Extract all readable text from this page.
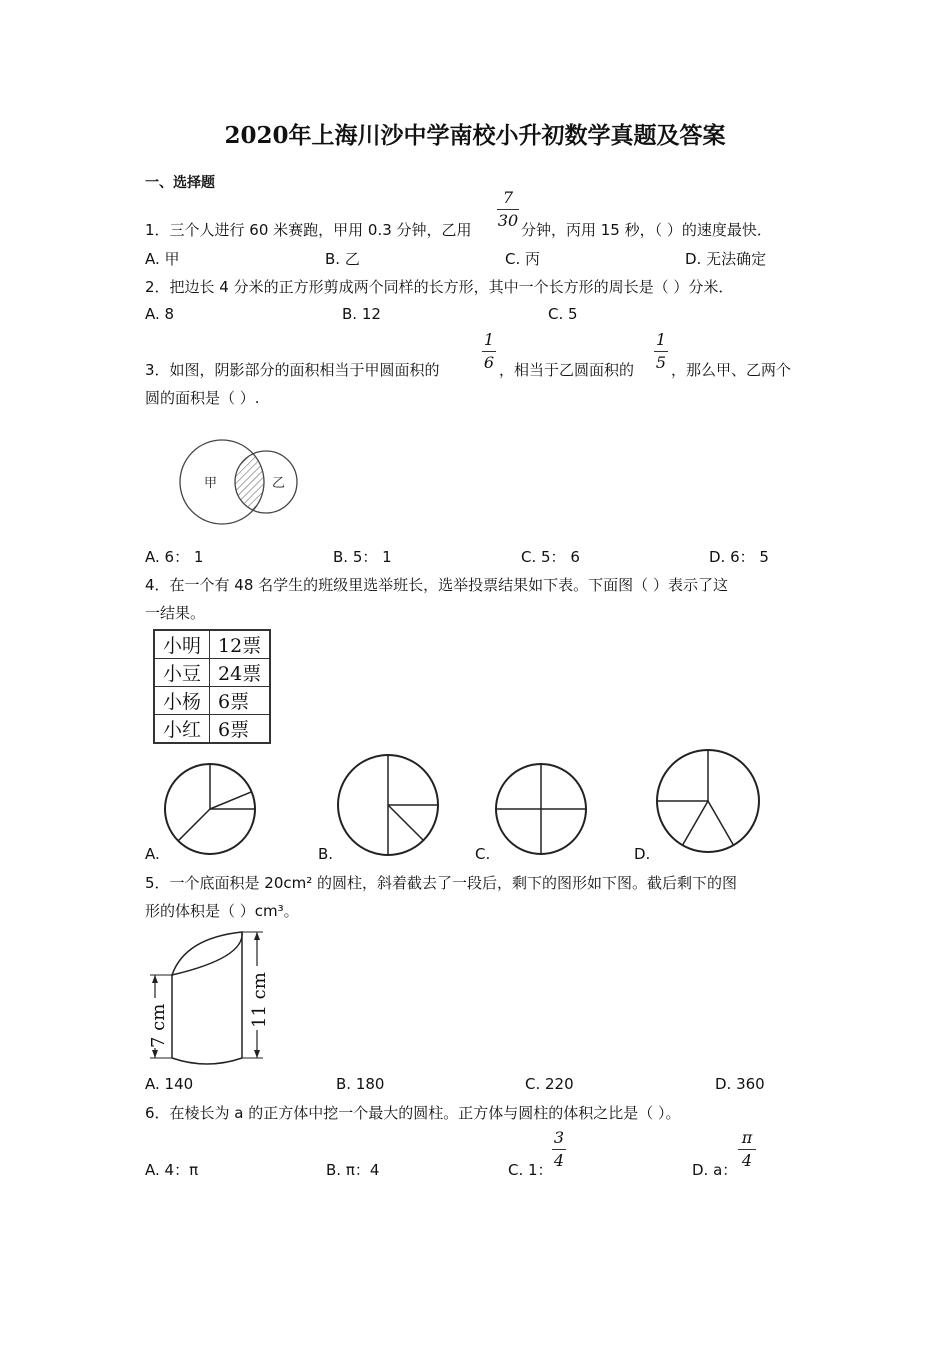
2020年上海川沙中学南校小升初数学真题及答案
一、选择题
1．三个人进行 60 米赛跑，甲用 0.3 分钟，乙用
7
30 分钟，丙用 15 秒，（ ）的速度最快．
A. 甲	B. 乙	C. 丙	D. 无法确定
2．把边长 4 分米的正方形剪成两个同样的长方形，其中一个长方形的周长是（ ）分米．
A. 8	B. 12	C. 5
3．如图，阴影部分的面积相当于甲圆面积的
1
6 ，相当于乙圆面积的
1
5 ，那么甲、乙两个
圆的面积是（ ）.
甲	乙
A. 6： 1	B. 5： 1	C. 5： 6	D. 6： 5
4．在一个有 48 名学生的班级里选举班长，选举投票结果如下表。下面图（ ）表示了这
一结果。
小明	12票
小豆	24票
小杨	6票
小红	6票
A.	B.	C.	D.
5．一个底面积是 20cm² 的圆柱，斜着截去了一段后，剩下的图形如下图。截后剩下的图
形的体积是（ ）cm³。
7 cm	11 cm
A. 140	B. 180	C. 220	D. 360
6．在棱长为 a 的正方体中挖一个最大的圆柱。正方体与圆柱的体积之比是（ ）。
A. 4：π	B. π：4	C. 1：
3
4	D. a：
π
4
